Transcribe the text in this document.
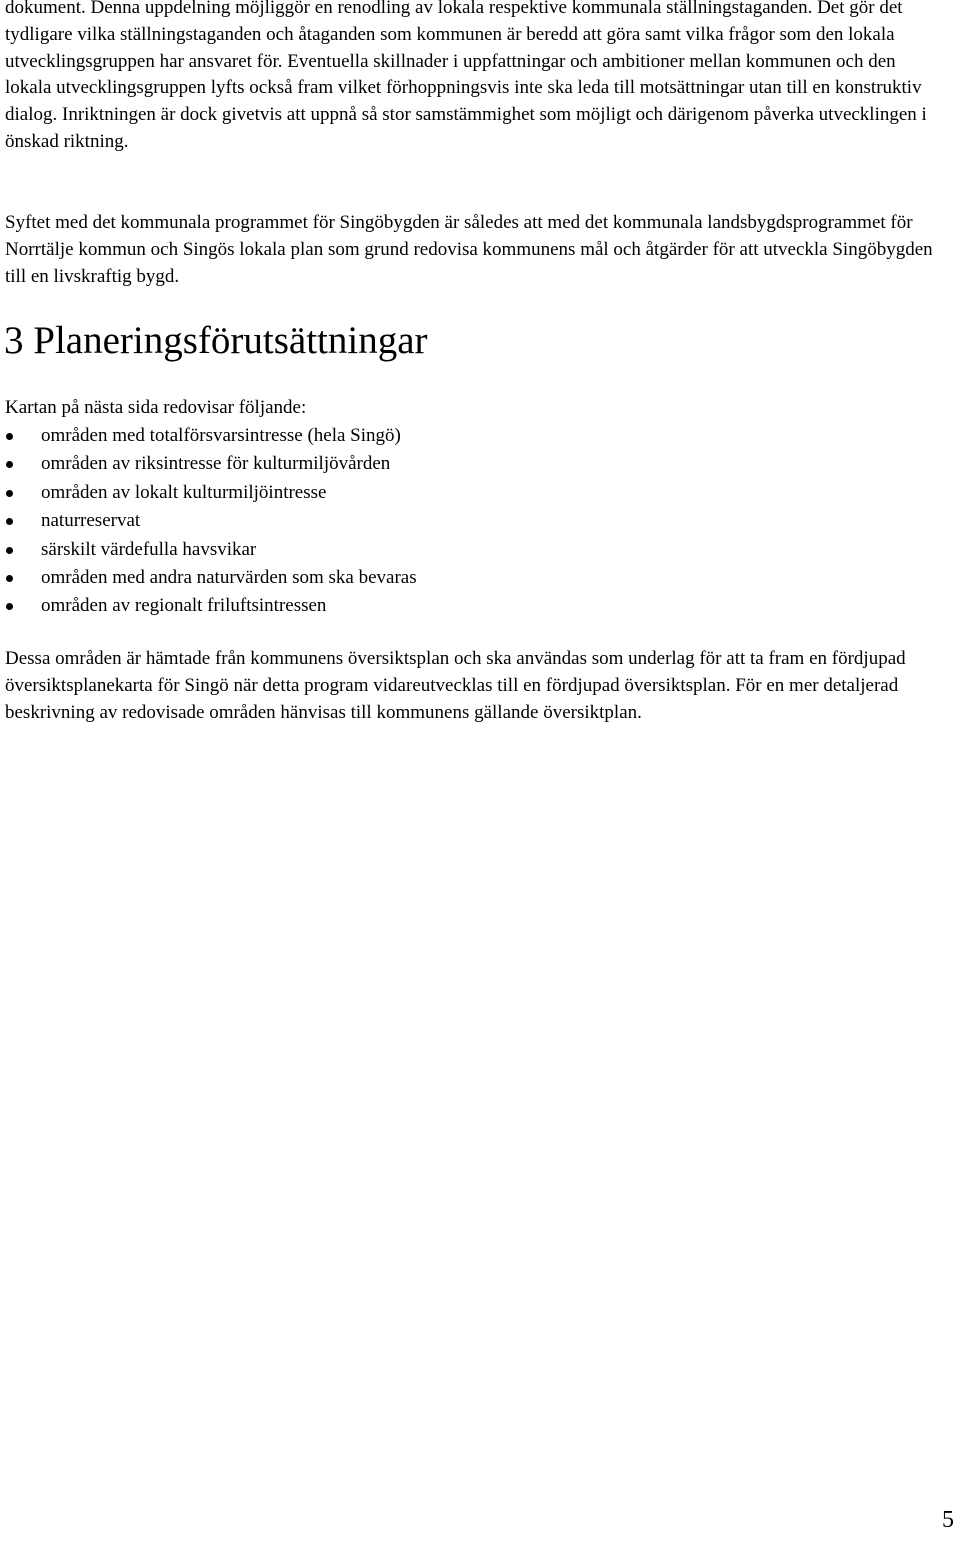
dokument. Denna uppdelning möjliggör en renodling av lokala respektive kommunala ställningstaganden. Det gör det tydligare vilka ställningstaganden och åtaganden som kommunen är beredd att göra samt vilka frågor som den lokala utvecklingsgruppen har ansvaret för. Eventuella skillnader i uppfattningar och ambitioner mellan kommunen och den lokala utvecklingsgruppen lyfts också fram vilket förhoppningsvis inte ska leda till motsättningar utan till en konstruktiv dialog. Inriktningen är dock givetvis att uppnå så stor samstämmighet som möjligt och därigenom påverka utvecklingen i önskad riktning.

Syftet med det kommunala programmet för Singöbygden är således att med det kommunala landsbygdsprogrammet för Norrtälje kommun och Singös lokala plan som grund redovisa kommunens mål och åtgärder för att utveckla Singöbygden till en livskraftig bygd.

3 Planeringsförutsättningar

Kartan på nästa sida redovisar följande:

områden med totalförsvarsintresse (hela Singö)
områden av riksintresse för kulturmiljövården
områden av lokalt kulturmiljöintresse
naturreservat
särskilt värdefulla havsvikar
områden med andra naturvärden som ska bevaras
områden av regionalt friluftsintressen

Dessa områden är hämtade från kommunens översiktsplan och ska användas som underlag för att ta fram en fördjupad översiktsplanekarta för Singö när detta program vidareutvecklas till en fördjupad översiktsplan. För en mer detaljerad beskrivning av redovisade områden hänvisas till kommunens gällande översiktplan.

5
